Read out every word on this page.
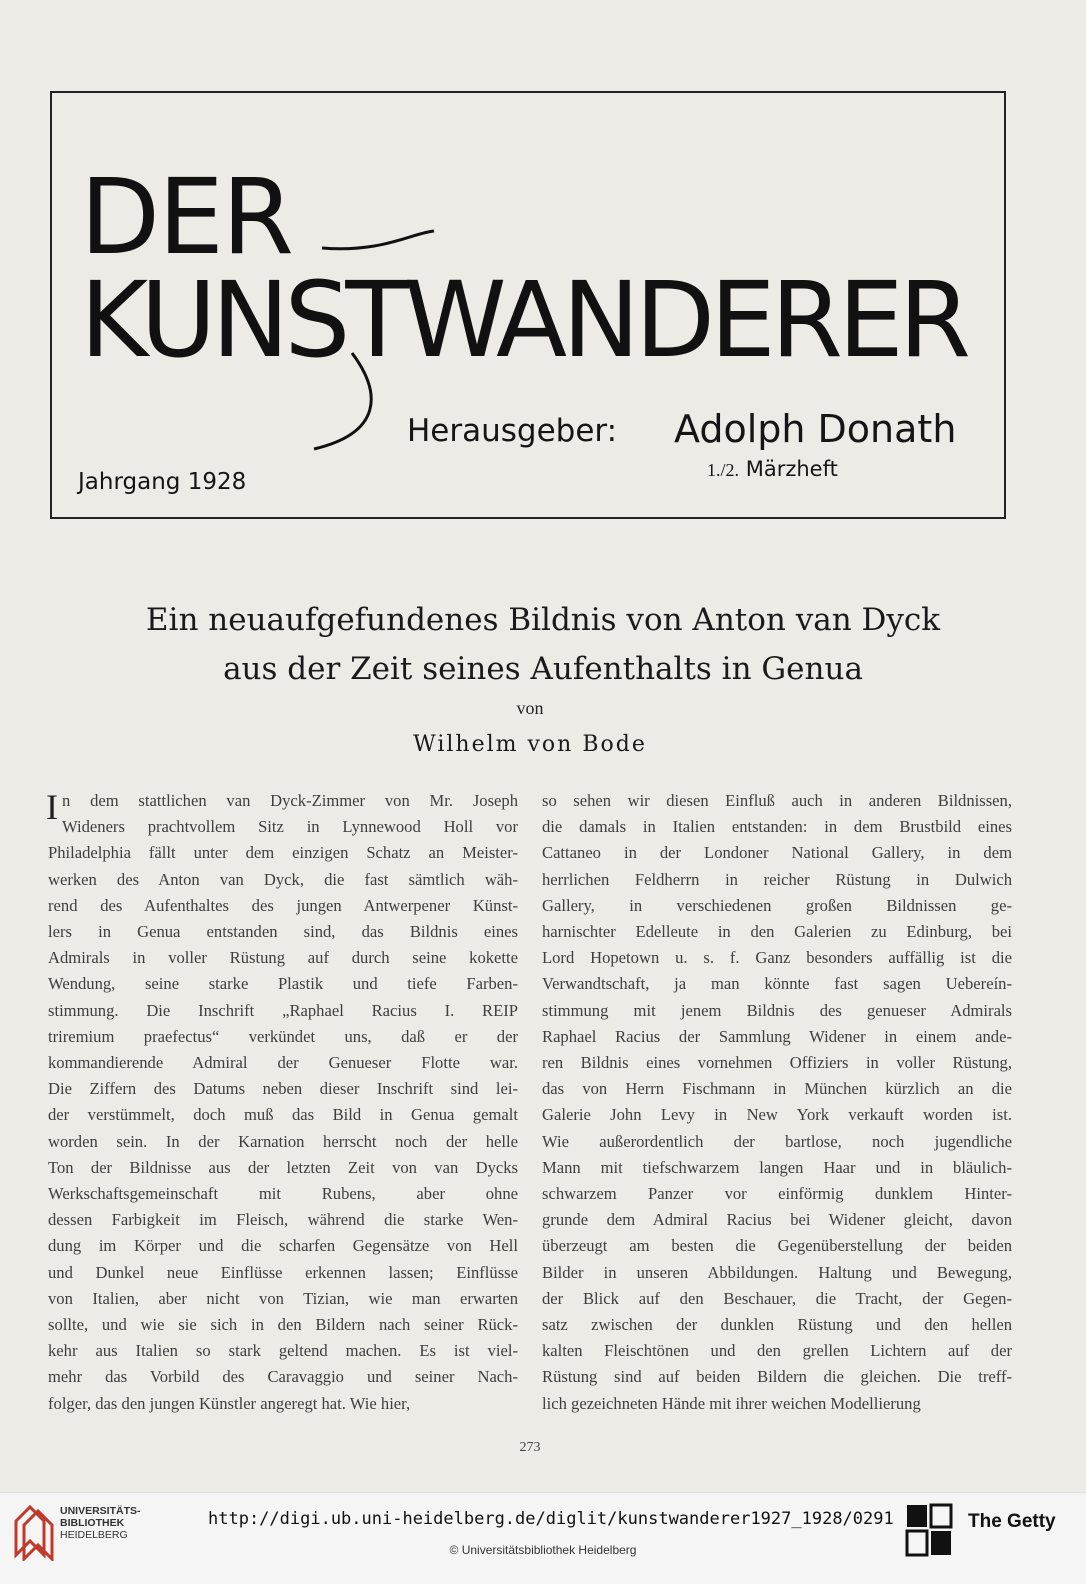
DER
KUNSTWANDERER
Herausgeber: Adolph Donath
Jahrgang 1928	1./2. Märzheft
Ein neuaufgefundenes Bildnis von Anton van Dyck
aus der Zeit seines Aufenthalts in Genua
von
Wilhelm von Bode
I n dem stattlichen van Dyck-Zimmer von Mr. Joseph
Wideners prachtvollem Sitz in Lynnewood Holl vor
Philadelphia fällt unter dem einzigen Schatz an Meister-
werken des Anton van Dyck, die fast sämtlich wäh-
rend des Aufenthaltes des jungen Antwerpener Künst-
lers in Genua entstanden sind, das Bildnis eines
Admirals in voller Rüstung auf durch seine kokette
Wendung, seine starke Plastik und tiefe Farben-
stimmung. Die Inschrift „Raphael Racius I. REIP
triremium praefectus“ verkündet uns, daß er der
kommandierende Admiral der Genueser Flotte war.
Die Ziffern des Datums neben dieser Inschrift sind lei-
der verstümmelt, doch muß das Bild in Genua gemalt
worden sein. In der Karnation herrscht noch der helle
Ton der Bildnisse aus der letzten Zeit von van Dycks
Werkschaftsgemeinschaft mit Rubens, aber ohne
dessen Farbigkeit im Fleisch, während die starke Wen-
dung im Körper und die scharfen Gegensätze von Hell
und Dunkel neue Einflüsse erkennen lassen; Einflüsse
von Italien, aber nicht von Tizian, wie man erwarten
sollte, und wie sie sich in den Bildern nach seiner Rück-
kehr aus Italien so stark geltend machen. Es ist viel-
mehr das Vorbild des Caravaggio und seiner Nach-
folger, das den jungen Künstler angeregt hat. Wie hier,
so sehen wir diesen Einfluß auch in anderen Bildnissen,
die damals in Italien entstanden: in dem Brustbild eines
Cattaneo in der Londoner National Gallery, in dem
herrlichen Feldherrn in reicher Rüstung in Dulwich
Gallery, in verschiedenen großen Bildnissen ge-
harnischter Edelleute in den Galerien zu Edinburg, bei
Lord Hopetown u. s. f. Ganz besonders auffällig ist die
Verwandtschaft, ja man könnte fast sagen Uebereín-
stimmung mit jenem Bildnis des genueser Admirals
Raphael Racius der Sammlung Widener in einem ande-
ren Bildnis eines vornehmen Offiziers in voller Rüstung,
das von Herrn Fischmann in München kürzlich an die
Galerie John Levy in New York verkauft worden ist.
Wie außerordentlich der bartlose, noch jugendliche
Mann mit tiefschwarzem langen Haar und in bläulich-
schwarzem Panzer vor einförmig dunklem Hinter-
grunde dem Admiral Racius bei Widener gleicht, davon
überzeugt am besten die Gegenüberstellung der beiden
Bilder in unseren Abbildungen. Haltung und Bewegung,
der Blick auf den Beschauer, die Tracht, der Gegen-
satz zwischen der dunklen Rüstung und den hellen
kalten Fleischtönen und den grellen Lichtern auf der
Rüstung sind auf beiden Bildern die gleichen. Die treff-
lich gezeichneten Hände mit ihrer weichen Modellierung
273
UNIVERSITÄTS-
BIBLIOTHEK
HEIDELBERG
http://digi.ub.uni-heidelberg.de/diglit/kunstwanderer1927_1928/0291
© Universitätsbibliothek Heidelberg
The Getty
